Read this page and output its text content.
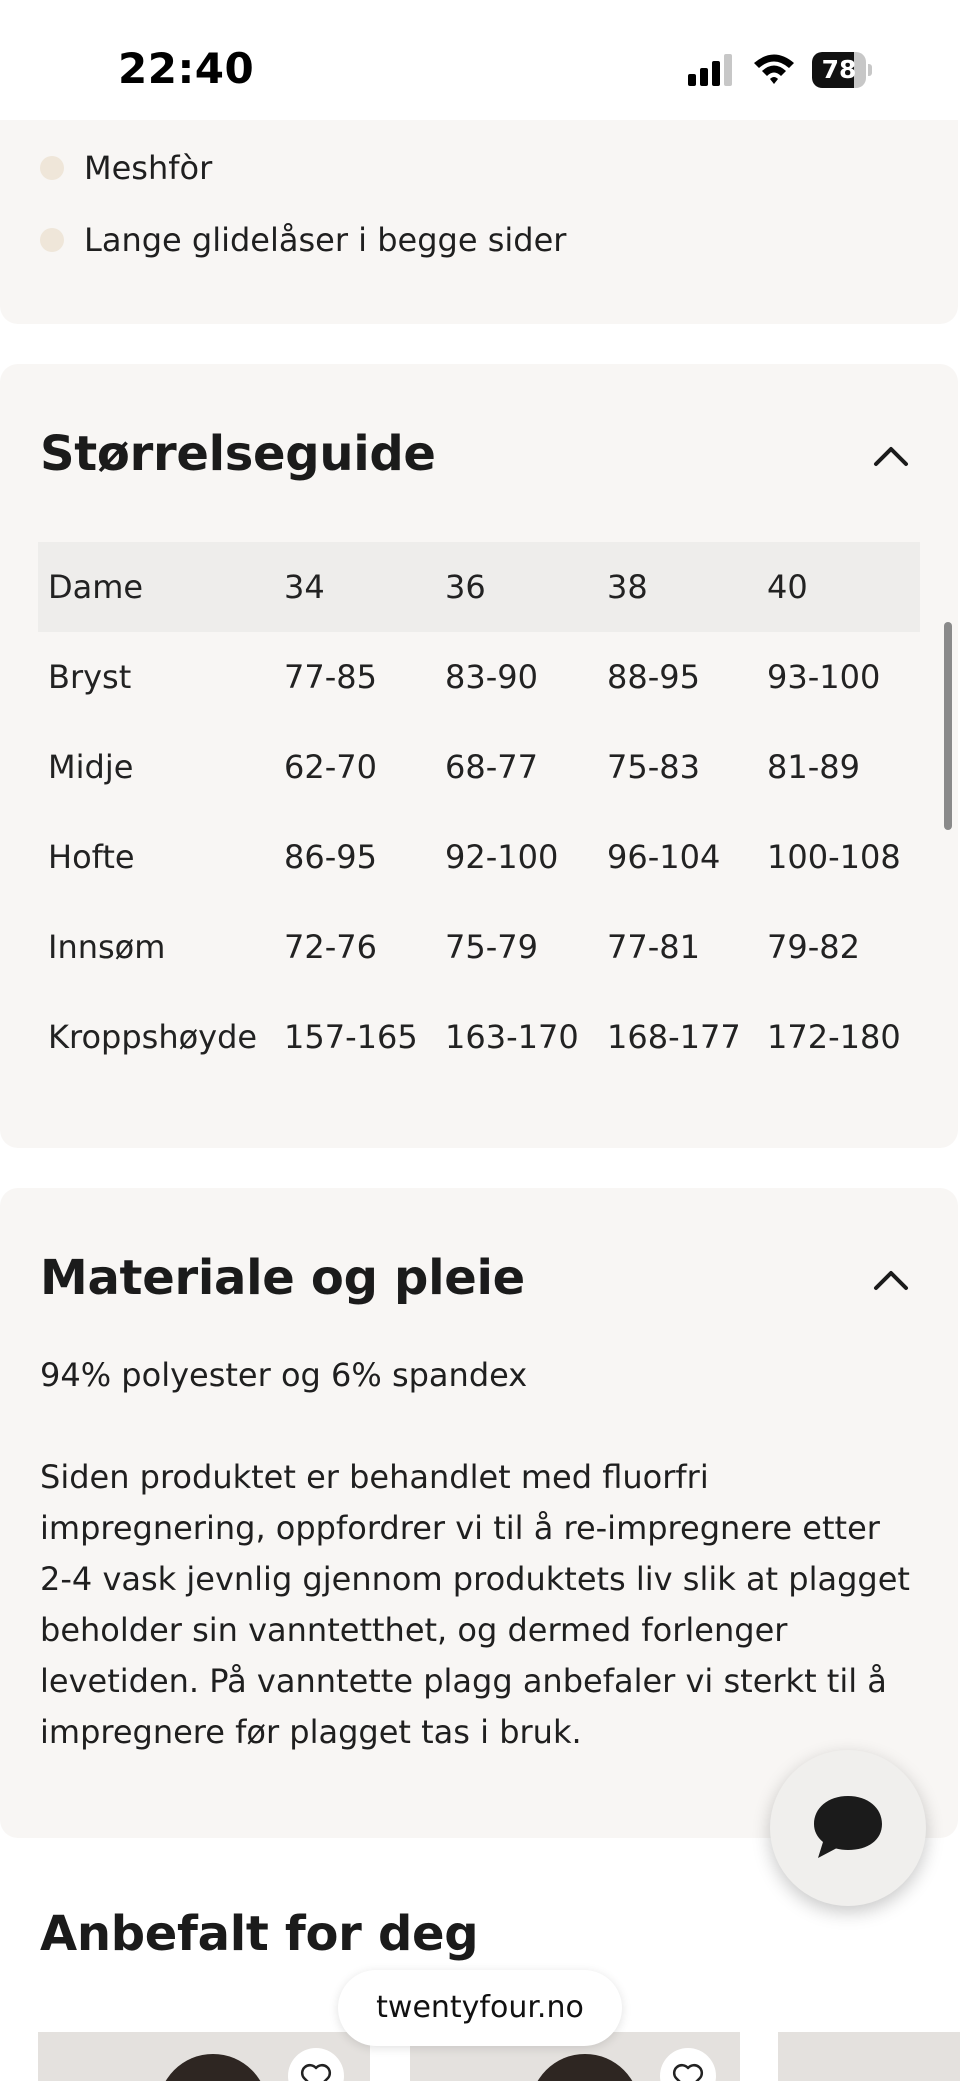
22:40	78
Meshfòr
Lange glidelåser i begge sider
Størrelseguide
Dame	34	36	38	40
Bryst	77-85	83-90	88-95	93-100
Midje	62-70	68-77	75-83	81-89
Hofte	86-95	92-100	96-104	100-108
Innsøm	72-76	75-79	77-81	79-82
Kroppshøyde	157-165	163-170	168-177	172-180
Materiale og pleie
94% polyester og 6% spandex
Siden produktet er behandlet med fluorfri impregnering, oppfordrer vi til å re-impregnere etter 2-4 vask jevnlig gjennom produktets liv slik at plagget beholder sin vanntetthet, og dermed forlenger levetiden. På vanntette plagg anbefaler vi sterkt til å impregnere før plagget tas i bruk.
Anbefalt for deg
twentyfour.no
